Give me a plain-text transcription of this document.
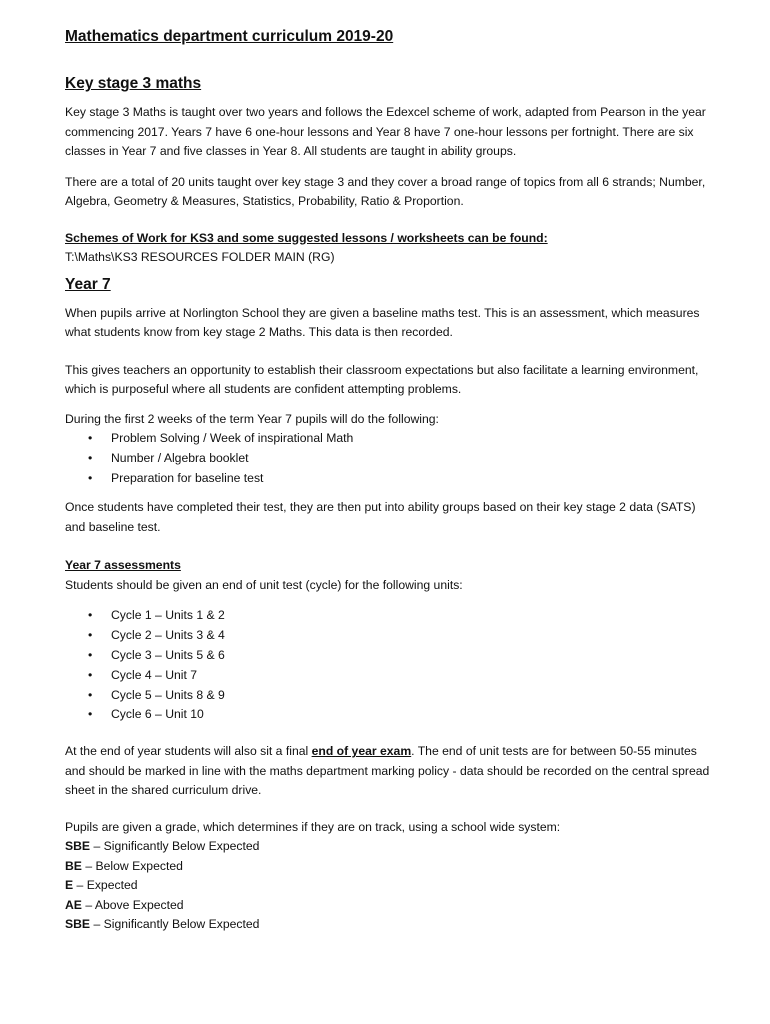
Mathematics department curriculum 2019-20
Key stage 3 maths

Key stage 3 Maths is taught over two years and follows the Edexcel scheme of work, adapted from Pearson in the year commencing 2017. Years 7 have 6 one-hour lessons and Year 8 have 7 one-hour lessons per fortnight. There are six classes in Year 7 and five classes in Year 8. All students are taught in ability groups.

There are a total of 20 units taught over key stage 3 and they cover a broad range of topics from all 6 strands; Number, Algebra, Geometry & Measures, Statistics, Probability, Ratio & Proportion.

Schemes of Work for KS3 and some suggested lessons / worksheets can be found:

T:\Maths\KS3 RESOURCES FOLDER MAIN (RG)

Year 7

When pupils arrive at Norlington School they are given a baseline maths test. This is an assessment, which measures what students know from key stage 2 Maths. This data is then recorded.

This gives teachers an opportunity to establish their classroom expectations but also facilitate a learning environment, which is purposeful where all students are confident attempting problems.

During the first 2 weeks of the term Year 7 pupils will do the following:

• Problem Solving / Week of inspirational Math
• Number / Algebra booklet
• Preparation for baseline test

Once students have completed their test, they are then put into ability groups based on their key stage 2 data (SATS) and baseline test.

Year 7 assessments

Students should be given an end of unit test (cycle) for the following units:

• Cycle 1 – Units 1 & 2
• Cycle 2 – Units 3 & 4
• Cycle 3 – Units 5 & 6
• Cycle 4 – Unit 7
• Cycle 5 – Units 8 & 9
• Cycle 6 – Unit 10

At the end of year students will also sit a final end of year exam. The end of unit tests are for between 50-55 minutes and should be marked in line with the maths department marking policy - data should be recorded on the central spread sheet in the shared curriculum drive.

Pupils are given a grade, which determines if they are on track, using a school wide system:

SBE – Significantly Below Expected
BE – Below Expected
E – Expected
AE – Above Expected
SBE – Significantly Below Expected
